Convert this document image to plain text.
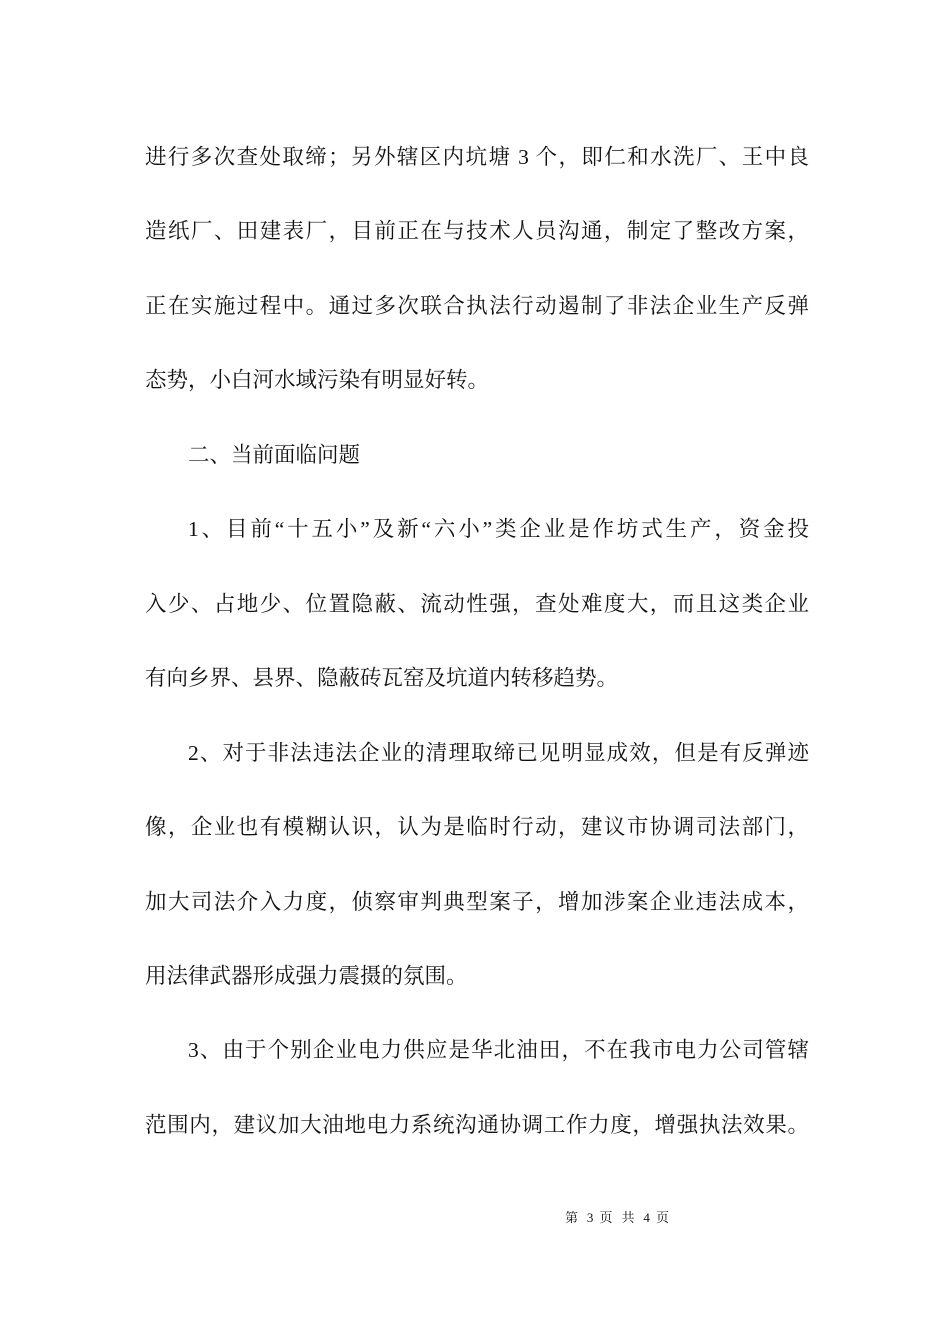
进行多次查处取缔；另外辖区内坑塘 3 个，即仁和水洗厂、王中良
造纸厂、田建表厂，目前正在与技术人员沟通，制定了整改方案，
正在实施过程中。通过多次联合执法行动遏制了非法企业生产反弹
态势，小白河水域污染有明显好转。
二、当前面临问题
1、目前“十五小”及新“六小”类企业是作坊式生产，资金投
入少、占地少、位置隐蔽、流动性强，查处难度大，而且这类企业
有向乡界、县界、隐蔽砖瓦窑及坑道内转移趋势。
2、对于非法违法企业的清理取缔已见明显成效，但是有反弹迹
像，企业也有模糊认识，认为是临时行动，建议市协调司法部门，
加大司法介入力度，侦察审判典型案子，增加涉案企业违法成本，
用法律武器形成强力震摄的氛围。
3、由于个别企业电力供应是华北油田，不在我市电力公司管辖
范围内，建议加大油地电力系统沟通协调工作力度，增强执法效果。
第 3 页 共 4 页
